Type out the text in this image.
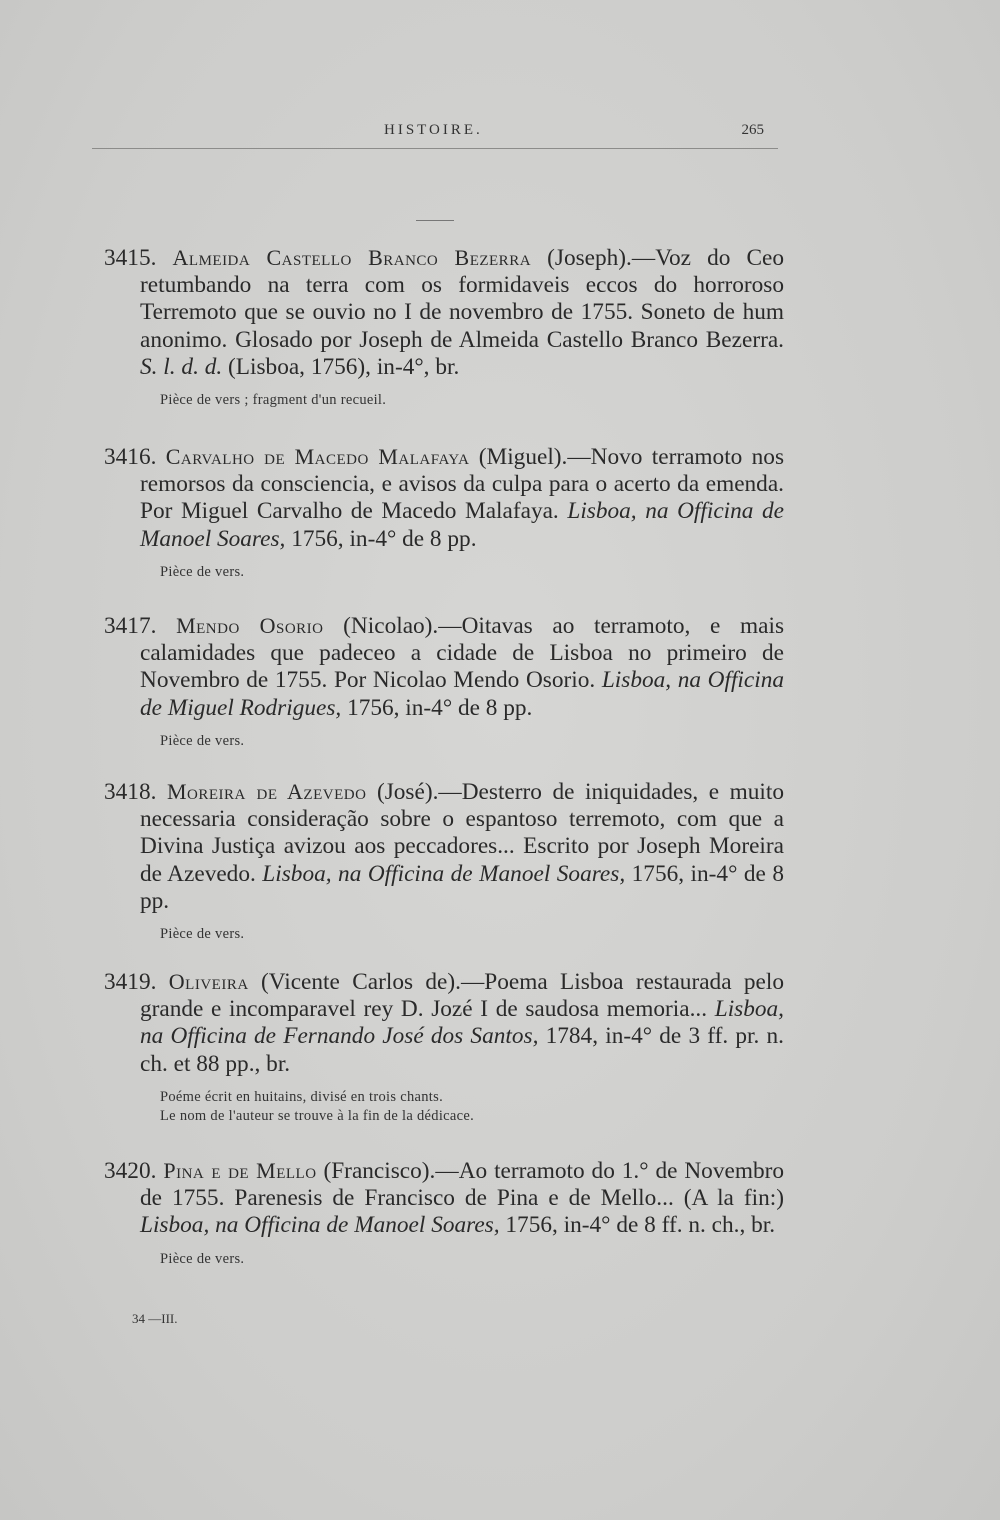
HISTOIRE.	265

3415. Almeida Castello Branco Bezerra (Joseph).—Voz do Ceo retumbando na terra com os formidaveis eccos do horroroso Terremoto que se ouvio no I de novembro de 1755. Soneto de hum anonimo. Glosado por Joseph de Almeida Castello Branco Bezerra. S. l. d. d. (Lisboa, 1756), in-4°, br.

Pièce de vers ; fragment d'un recueil.

3416. Carvalho de Macedo Malafaya (Miguel).—Novo terramoto nos remorsos da consciencia, e avisos da culpa para o acerto da emenda. Por Miguel Carvalho de Macedo Malafaya. Lisboa, na Officina de Manoel Soares, 1756, in-4° de 8 pp.

Pièce de vers.

3417. Mendo Osorio (Nicolao).—Oitavas ao terramoto, e mais calamidades que padeceo a cidade de Lisboa no primeiro de Novembro de 1755. Por Nicolao Mendo Osorio. Lisboa, na Officina de Miguel Rodrigues, 1756, in-4° de 8 pp.

Pièce de vers.

3418. Moreira de Azevedo (José).—Desterro de iniquidades, e muito necessaria consideração sobre o espantoso terremoto, com que a Divina Justiça avizou aos peccadores... Escrito por Joseph Moreira de Azevedo. Lisboa, na Officina de Manoel Soares, 1756, in-4° de 8 pp.

Pièce de vers.

3419. Oliveira (Vicente Carlos de).—Poema Lisboa restaurada pelo grande e incomparavel rey D. Jozé I de saudosa memoria... Lisboa, na Officina de Fernando José dos Santos, 1784, in-4° de 3 ff. pr. n. ch. et 88 pp., br.

Poéme écrit en huitains, divisé en trois chants.
Le nom de l'auteur se trouve à la fin de la dédicace.

3420. Pina e de Mello (Francisco).—Ao terramoto do 1.° de Novembro de 1755. Parenesis de Francisco de Pina e de Mello... (A la fin:) Lisboa, na Officina de Manoel Soares, 1756, in-4° de 8 ff. n. ch., br.

Pièce de vers.
34 —III.
